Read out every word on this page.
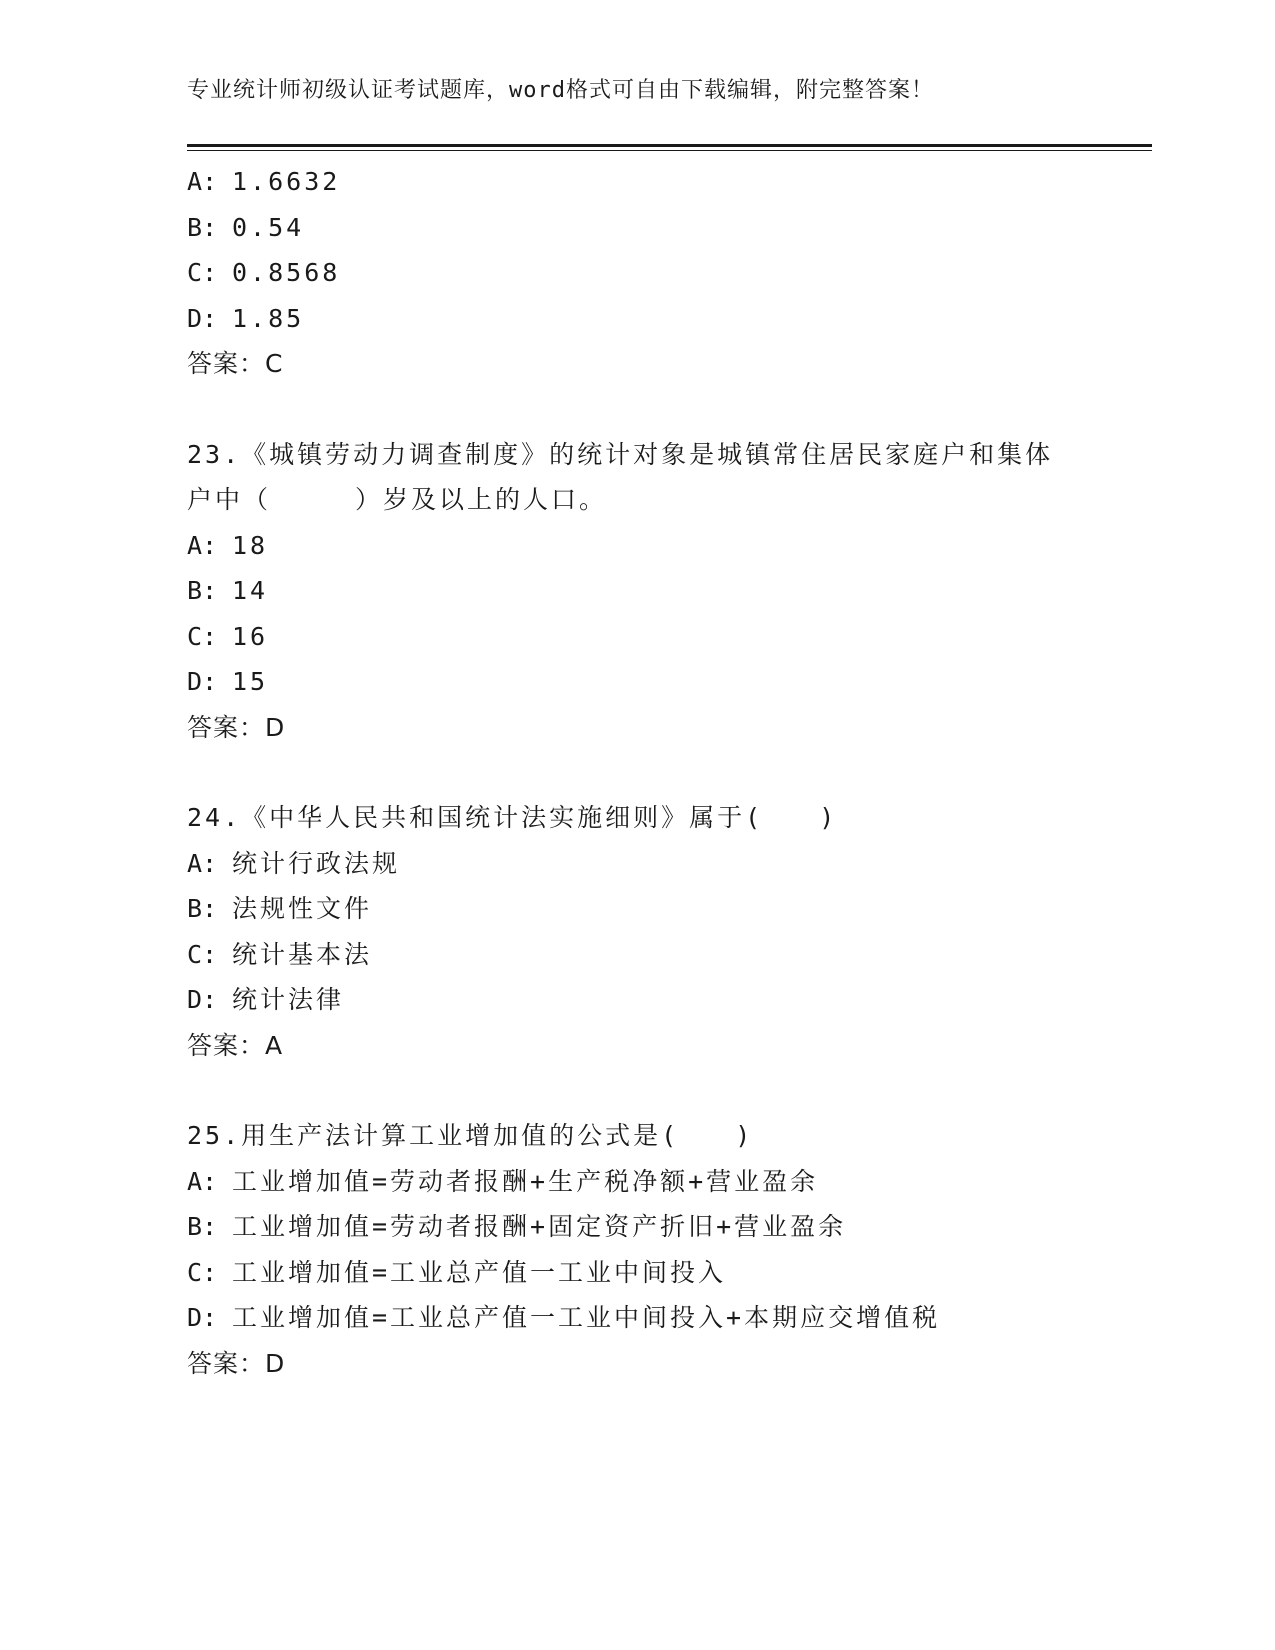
专业统计师初级认证考试题库，word格式可自由下载编辑，附完整答案！
A: 1.6632
B: 0.54
C: 0.8568
D: 1.85
答案：C
23.《城镇劳动力调查制度》的统计对象是城镇常住居民家庭户和集体
户中（　　　）岁及以上的人口。
A: 18
B: 14
C: 16
D: 15
答案：D
24.《中华人民共和国统计法实施细则》属于(　　)
A: 统计行政法规
B: 法规性文件
C: 统计基本法
D: 统计法律
答案：A
25.用生产法计算工业增加值的公式是(　　)
A: 工业增加值=劳动者报酬+生产税净额+营业盈余
B: 工业增加值=劳动者报酬+固定资产折旧+营业盈余
C: 工业增加值=工业总产值一工业中间投入
D: 工业增加值=工业总产值一工业中间投入+本期应交增值税
答案：D
